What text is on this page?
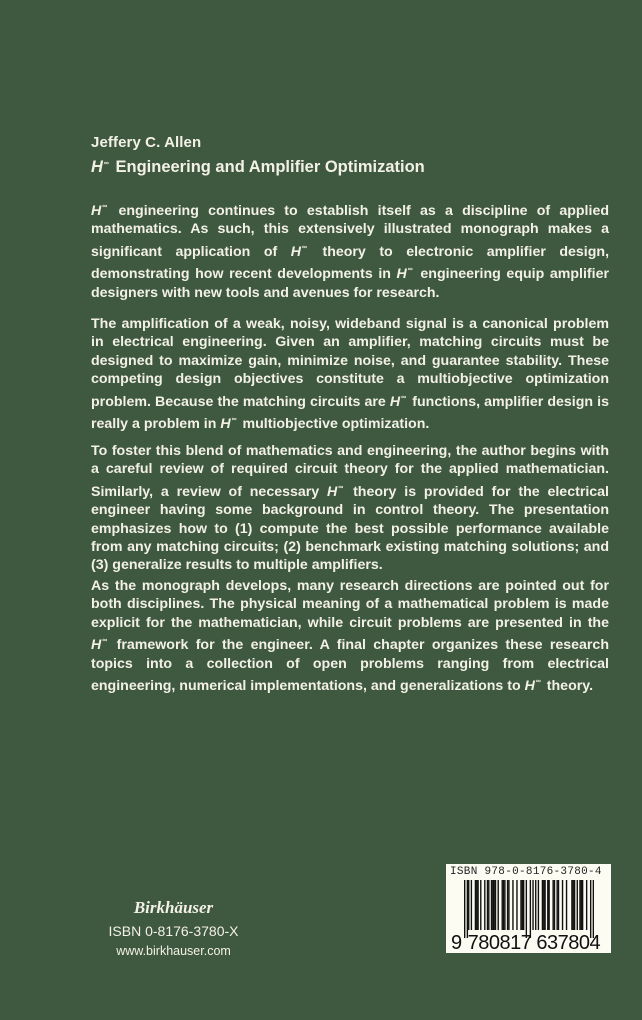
Jeffery C. Allen
H∞ Engineering and Amplifier Optimization
H∞ engineering continues to establish itself as a discipline of applied mathematics. As such, this extensively illustrated monograph makes a significant application of H∞ theory to electronic amplifier design, demonstrating how recent developments in H∞ engineering equip amplifier designers with new tools and avenues for research.
The amplification of a weak, noisy, wideband signal is a canonical problem in electrical engineering. Given an amplifier, matching circuits must be designed to maximize gain, minimize noise, and guarantee stability. These competing design objectives constitute a multiobjective optimization problem. Because the matching circuits are H∞ functions, amplifier design is really a problem in H∞ multiobjective optimization.
To foster this blend of mathematics and engineering, the author begins with a careful review of required circuit theory for the applied mathematician. Similarly, a review of necessary H∞ theory is provided for the electrical engineer having some background in control theory. The presentation emphasizes how to (1) compute the best possible performance available from any matching circuits; (2) benchmark existing matching solutions; and (3) generalize results to multiple amplifiers.
As the monograph develops, many research directions are pointed out for both disciplines. The physical meaning of a mathematical problem is made explicit for the mathematician, while circuit problems are presented in the H∞ framework for the engineer. A final chapter organizes these research topics into a collection of open problems ranging from electrical engineering, numerical implementations, and generalizations to H∞ theory.
Birkhäuser
ISBN 0-8176-3780-X
www.birkhauser.com
ISBN 978-0-8176-3780-4
9 780817 637804
